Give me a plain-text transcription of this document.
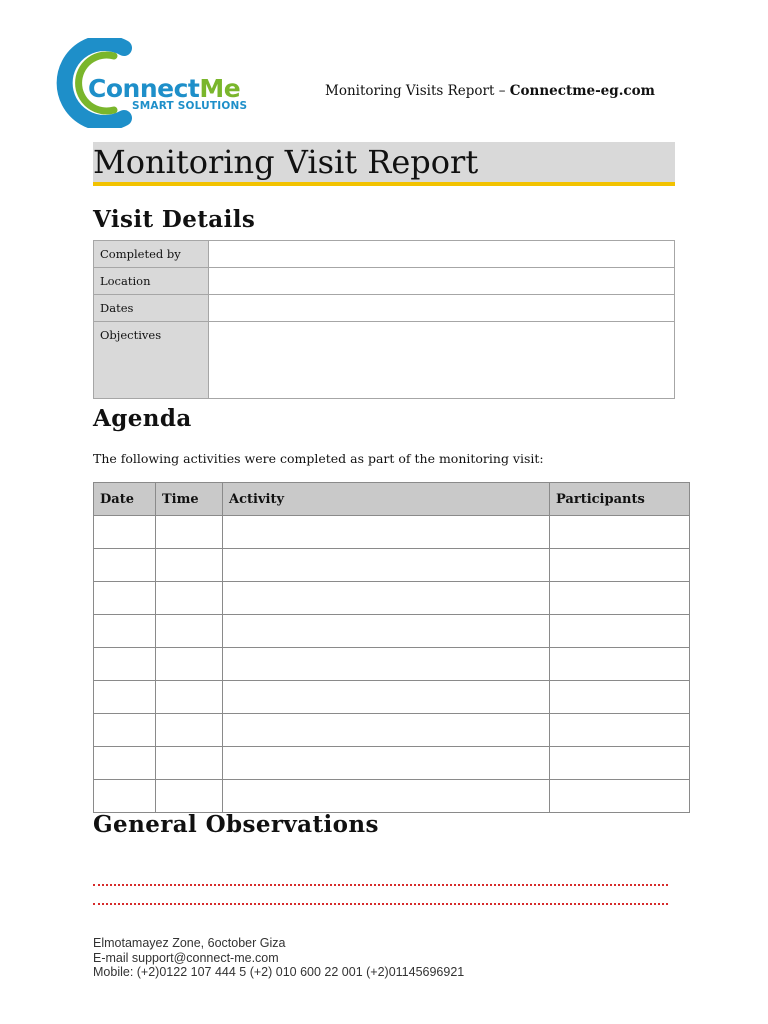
ConnectMe
SMART SOLUTIONS
Monitoring Visits Report – Connectme-eg.com
Monitoring Visit Report
Visit Details
Completed by	
Location	
Dates	
Objectives	
Agenda
The following activities were completed as part of the monitoring visit:
Date	Time	Activity	Participants

General Observations
Elmotamayez Zone, 6october Giza
E-mail support@connect-me.com
Mobile: (+2)0122 107 444 5 (+2) 010 600 22 001 (+2)01145696921
